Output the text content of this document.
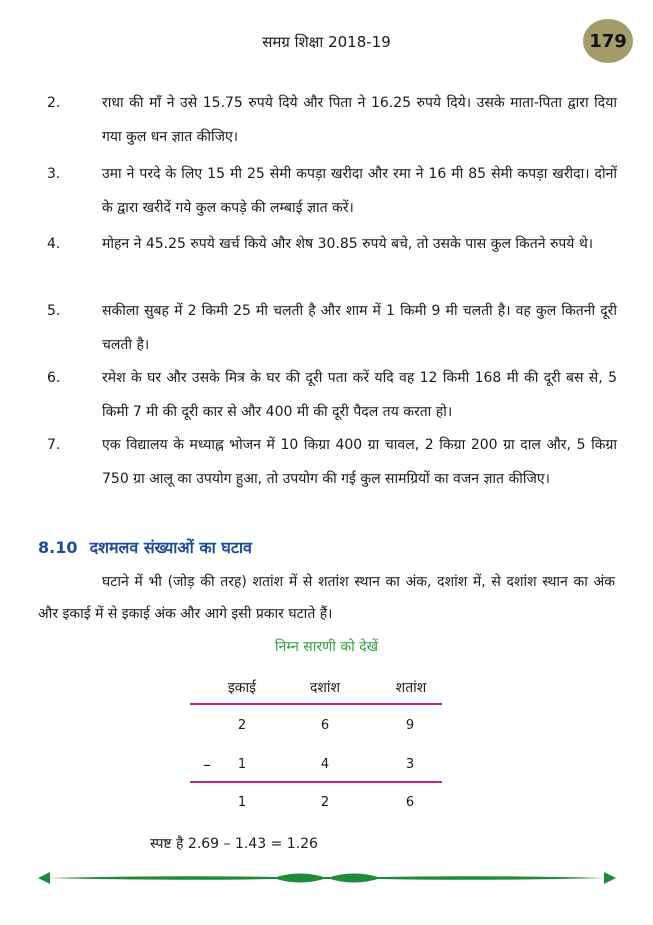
समग्र शिक्षा 2018-19	179
2.	राधा की माँ ने उसे 15.75 रुपये दिये और पिता ने 16.25 रुपये दिये। उसके माता-पिता द्वारा दिया गया कुल धन ज्ञात कीजिए।
3.	उमा ने परदे के लिए 15 मी 25 सेमी कपड़ा खरीदा और रमा ने 16 मी 85 सेमी कपड़ा खरीदा। दोनों के द्वारा खरीदें गये कुल कपड़े की लम्बाई ज्ञात करें।
4.	मोहन ने 45.25 रुपये खर्च किये और शेष 30.85 रुपये बचे, तो उसके पास कुल कितने रुपये थे।
5.	सकीला सुबह में 2 किमी 25 मी चलती है और शाम में 1 किमी 9 मी चलती है। वह कुल कितनी दूरी चलती है।
6.	रमेश के घर और उसके मित्र के घर की दूरी पता करें यदि वह 12 किमी 168 मी की दूरी बस से, 5 किमी 7 मी की दूरी कार से और 400 मी की दूरी पैदल तय करता हो।
7.	एक विद्यालय के मध्याह्न भोजन में 10 किग्रा 400 ग्रा चावल, 2 किग्रा 200 ग्रा दाल और, 5 किग्रा 750 ग्रा आलू का उपयोग हुआ, तो उपयोग की गई कुल सामग्रियों का वजन ज्ञात कीजिए।
8.10 दशमलव संख्याओं का घटाव
घटाने में भी (जोड़ की तरह) शतांश में से शतांश स्थान का अंक, दशांश में, से दशांश स्थान का अंक और इकाई में से इकाई अंक और आगे इसी प्रकार घटाते हैं।
निम्न सारणी को देखें
इकाई	दशांश	शतांश
2	6	9
–	1	4	3
1	2	6
स्पष्ट है 2.69 – 1.43 = 1.26
